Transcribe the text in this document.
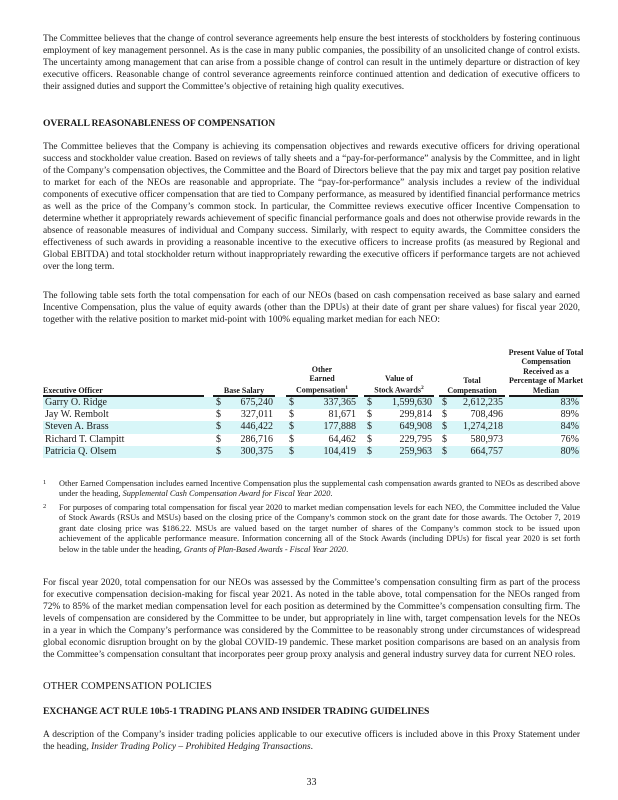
The Committee believes that the change of control severance agreements help ensure the best interests of stockholders by fostering continuous employment of key management personnel. As is the case in many public companies, the possibility of an unsolicited change of control exists. The uncertainty among management that can arise from a possible change of control can result in the untimely departure or distraction of key executive officers. Reasonable change of control severance agreements reinforce continued attention and dedication of executive officers to their assigned duties and support the Committee’s objective of retaining high quality executives.

OVERALL REASONABLENESS OF COMPENSATION

The Committee believes that the Company is achieving its compensation objectives and rewards executive officers for driving operational success and stockholder value creation. Based on reviews of tally sheets and a “pay-for-performance” analysis by the Committee, and in light of the Company’s compensation objectives, the Committee and the Board of Directors believe that the pay mix and target pay position relative to market for each of the NEOs are reasonable and appropriate. The “pay-for-performance” analysis includes a review of the individual components of executive officer compensation that are tied to Company performance, as measured by identified financial performance metrics as well as the price of the Company’s common stock. In particular, the Committee reviews executive officer Incentive Compensation to determine whether it appropriately rewards achievement of specific financial performance goals and does not otherwise provide rewards in the absence of reasonable measures of individual and Company success. Similarly, with respect to equity awards, the Committee considers the effectiveness of such awards in providing a reasonable incentive to the executive officers to increase profits (as measured by Regional and Global EBITDA) and total stockholder return without inappropriately rewarding the executive officers if performance targets are not achieved over the long term.

The following table sets forth the total compensation for each of our NEOs (based on cash compensation received as base salary and earned Incentive Compensation, plus the value of equity awards (other than the DPUs) at their date of grant per share values) for fiscal year 2020, together with the relative position to market mid-point with 100% equaling market median for each NEO:

Executive Officer	Base Salary
Other
Earned
Compensation$^1$
Value of
Stock Awards$^2$
Total
Compensation
Present Value of Total
Compensation
Received as a
Percentage of Market
Median
Garry O. Ridge	$	675,240 $	337,365 $	1,599,630 $	2,612,235	83%
Jay W. Rembolt	$	327,011 $	81,671 $	299,814 $	708,496	89%
Steven A. Brass	$	446,422 $	177,888 $	649,908 $	1,274,218	84%
Richard T. Clampitt	$	286,716 $	64,462 $	229,795 $	580,973	76%
Patricia Q. Olsem	$	300,375 $	104,419 $	259,963 $	664,757	80%
1 Other Earned Compensation includes earned Incentive Compensation plus the supplemental cash compensation awards granted to NEOs as described above under the heading, Supplemental Cash Compensation Award for Fiscal Year 2020.
2 For purposes of comparing total compensation for fiscal year 2020 to market median compensation levels for each NEO, the Committee included the Value of Stock Awards (RSUs and MSUs) based on the closing price of the Company’s common stock on the grant date for those awards. The October 7, 2019 grant date closing price was $186.22. MSUs are valued based on the target number of shares of the Company’s common stock to be issued upon achievement of the applicable performance measure. Information concerning all of the Stock Awards (including DPUs) for fiscal year 2020 is set forth below in the table under the heading, Grants of Plan-Based Awards - Fiscal Year 2020.

For fiscal year 2020, total compensation for our NEOs was assessed by the Committee’s compensation consulting firm as part of the process for executive compensation decision-making for fiscal year 2021. As noted in the table above, total compensation for the NEOs ranged from 72% to 85% of the market median compensation level for each position as determined by the Committee’s compensation consulting firm. The levels of compensation are considered by the Committee to be under, but appropriately in line with, target compensation levels for the NEOs in a year in which the Company’s performance was considered by the Committee to be reasonably strong under circumstances of widespread global economic disruption brought on by the global COVID-19 pandemic. These market position comparisons are based on an analysis from the Committee’s compensation consultant that incorporates peer group proxy analysis and general industry survey data for current NEO roles.

OTHER COMPENSATION POLICIES
EXCHANGE ACT RULE 10b5-1 TRADING PLANS AND INSIDER TRADING GUIDELINES

A description of the Company’s insider trading policies applicable to our executive officers is included above in this Proxy Statement under the heading, Insider Trading Policy – Prohibited Hedging Transactions.

33
